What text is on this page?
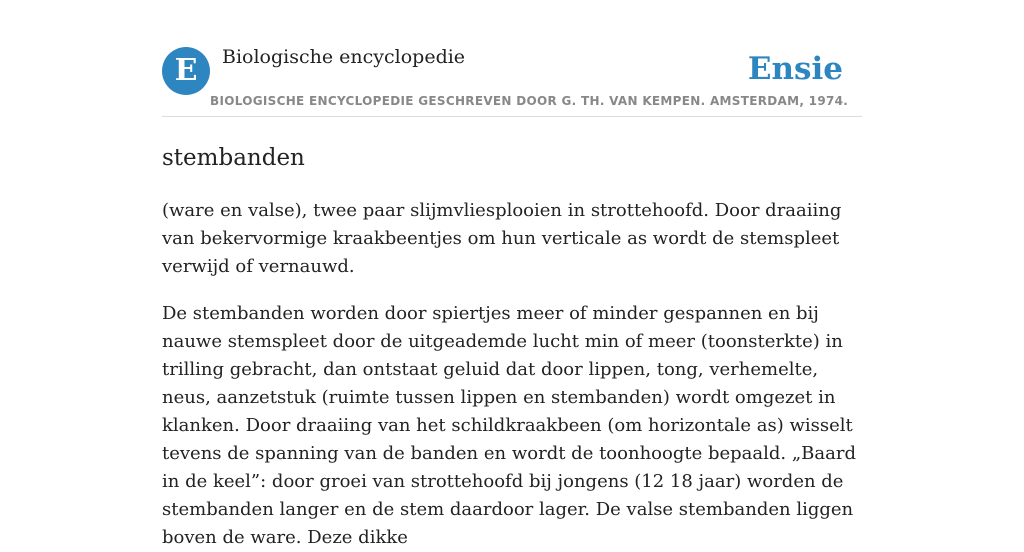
E	Biologische encyclopedie	Ensie
BIOLOGISCHE ENCYCLOPEDIE GESCHREVEN DOOR G. TH. VAN KEMPEN. AMSTERDAM, 1974.
stembanden

(ware en valse), twee paar slijmvliesplooien in strottehoofd. Door draaiing van bekervormige kraakbeentjes om hun verticale as wordt de stemspleet verwijd of vernauwd.

De stembanden worden door spiertjes meer of minder gespannen en bij nauwe stemspleet door de uitgeademde lucht min of meer (toonsterkte) in trilling gebracht, dan ontstaat geluid dat door lippen, tong, verhemelte, neus, aanzetstuk (ruimte tussen lippen en stembanden) wordt omgezet in klanken. Door draaiing van het schildkraakbeen (om horizontale as) wisselt tevens de spanning van de banden en wordt de toonhoogte bepaald. „Baard in de keel”: door groei van strottehoofd bij jongens (12 18 jaar) worden de stembanden langer en de stem daardoor lager. De valse stembanden liggen boven de ware. Deze dikke
